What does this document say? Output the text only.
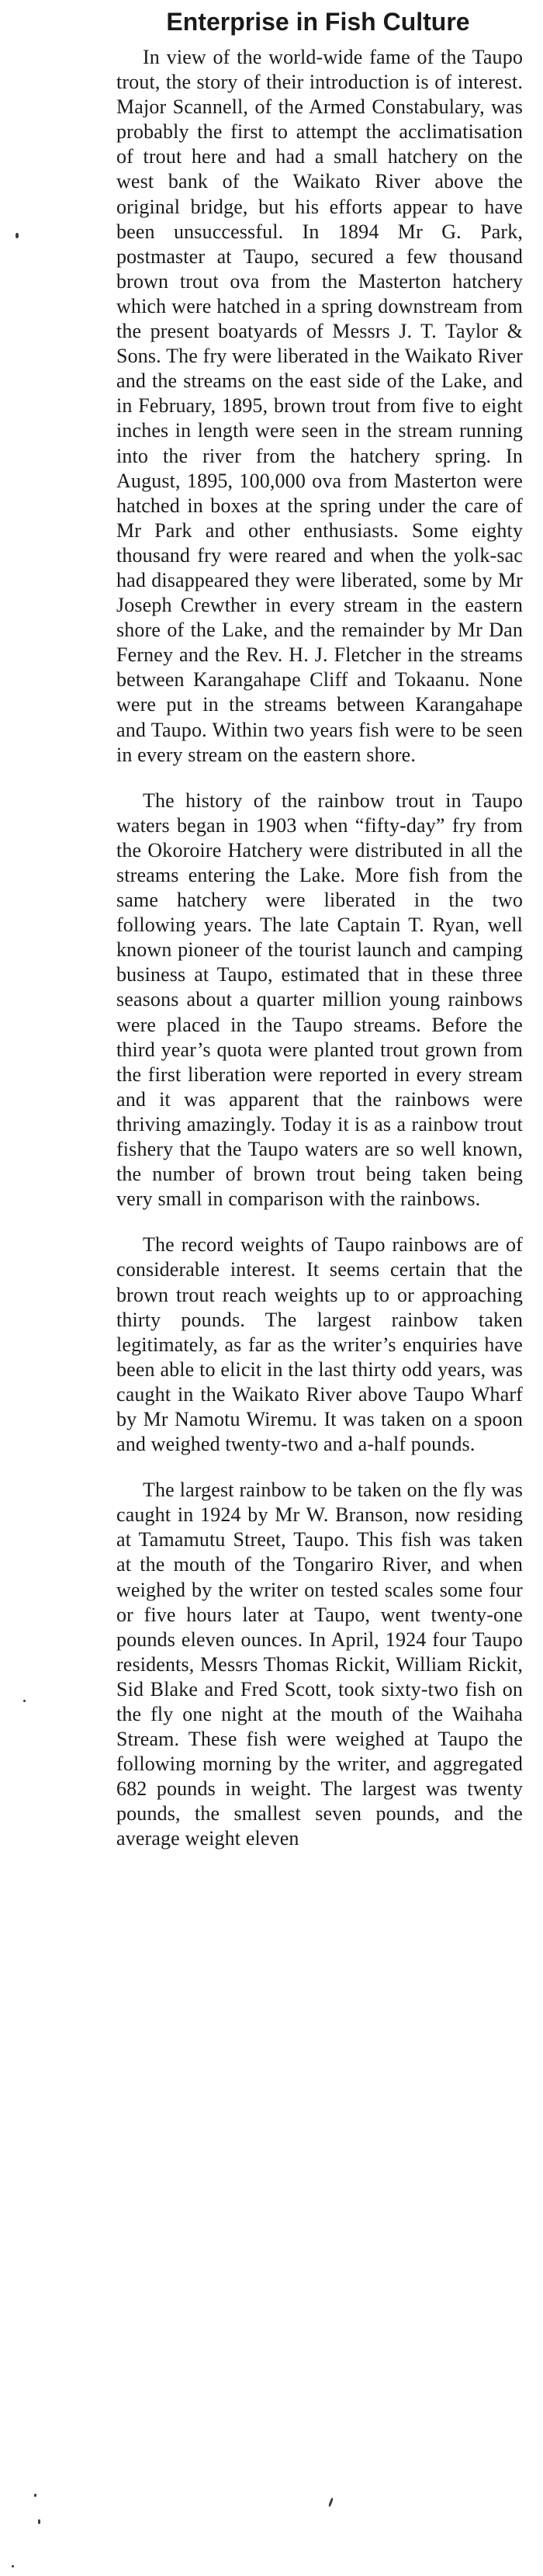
Enterprise in Fish Culture

In view of the world-wide fame of the Taupo trout, the story of their introduction is of interest. Major Scannell, of the Armed Constabulary, was probably the first to attempt the acclimatisation of trout here and had a small hatchery on the west bank of the Waikato River above the original bridge, but his efforts appear to have been unsuccessful. In 1894 Mr G. Park, postmaster at Taupo, secured a few thousand brown trout ova from the Masterton hatchery which were hatched in a spring downstream from the present boatyards of Messrs J. T. Taylor & Sons. The fry were liberated in the Waikato River and the streams on the east side of the Lake, and in February, 1895, brown trout from five to eight inches in length were seen in the stream running into the river from the hatchery spring. In August, 1895, 100,000 ova from Masterton were hatched in boxes at the spring under the care of Mr Park and other enthusiasts. Some eighty thousand fry were reared and when the yolk-sac had disappeared they were liberated, some by Mr Joseph Crewther in every stream in the eastern shore of the Lake, and the remainder by Mr Dan Ferney and the Rev. H. J. Fletcher in the streams between Karangahape Cliff and Tokaanu. None were put in the streams between Karangahape and Taupo. Within two years fish were to be seen in every stream on the eastern shore.

The history of the rainbow trout in Taupo waters began in 1903 when “fifty-day” fry from the Okoroire Hatchery were distributed in all the streams entering the Lake. More fish from the same hatchery were liberated in the two following years. The late Captain T. Ryan, well known pioneer of the tourist launch and camping business at Taupo, estimated that in these three seasons about a quarter million young rainbows were placed in the Taupo streams. Before the third year’s quota were planted trout grown from the first liberation were reported in every stream and it was apparent that the rainbows were thriving amazingly. Today it is as a rainbow trout fishery that the Taupo waters are so well known, the number of brown trout being taken being very small in comparison with the rainbows.

The record weights of Taupo rainbows are of considerable interest. It seems certain that the brown trout reach weights up to or approaching thirty pounds. The largest rainbow taken legitimately, as far as the writer’s enquiries have been able to elicit in the last thirty odd years, was caught in the Waikato River above Taupo Wharf by Mr Namotu Wiremu. It was taken on a spoon and weighed twenty-two and a-half pounds.

The largest rainbow to be taken on the fly was caught in 1924 by Mr W. Branson, now residing at Tamamutu Street, Taupo. This fish was taken at the mouth of the Tongariro River, and when weighed by the writer on tested scales some four or five hours later at Taupo, went twenty-one pounds eleven ounces. In April, 1924 four Taupo residents, Messrs Thomas Rickit, William Rickit, Sid Blake and Fred Scott, took sixty-two fish on the fly one night at the mouth of the Waihaha Stream. These fish were weighed at Taupo the following morning by the writer, and aggregated 682 pounds in weight. The largest was twenty pounds, the smallest seven pounds, and the average weight eleven
